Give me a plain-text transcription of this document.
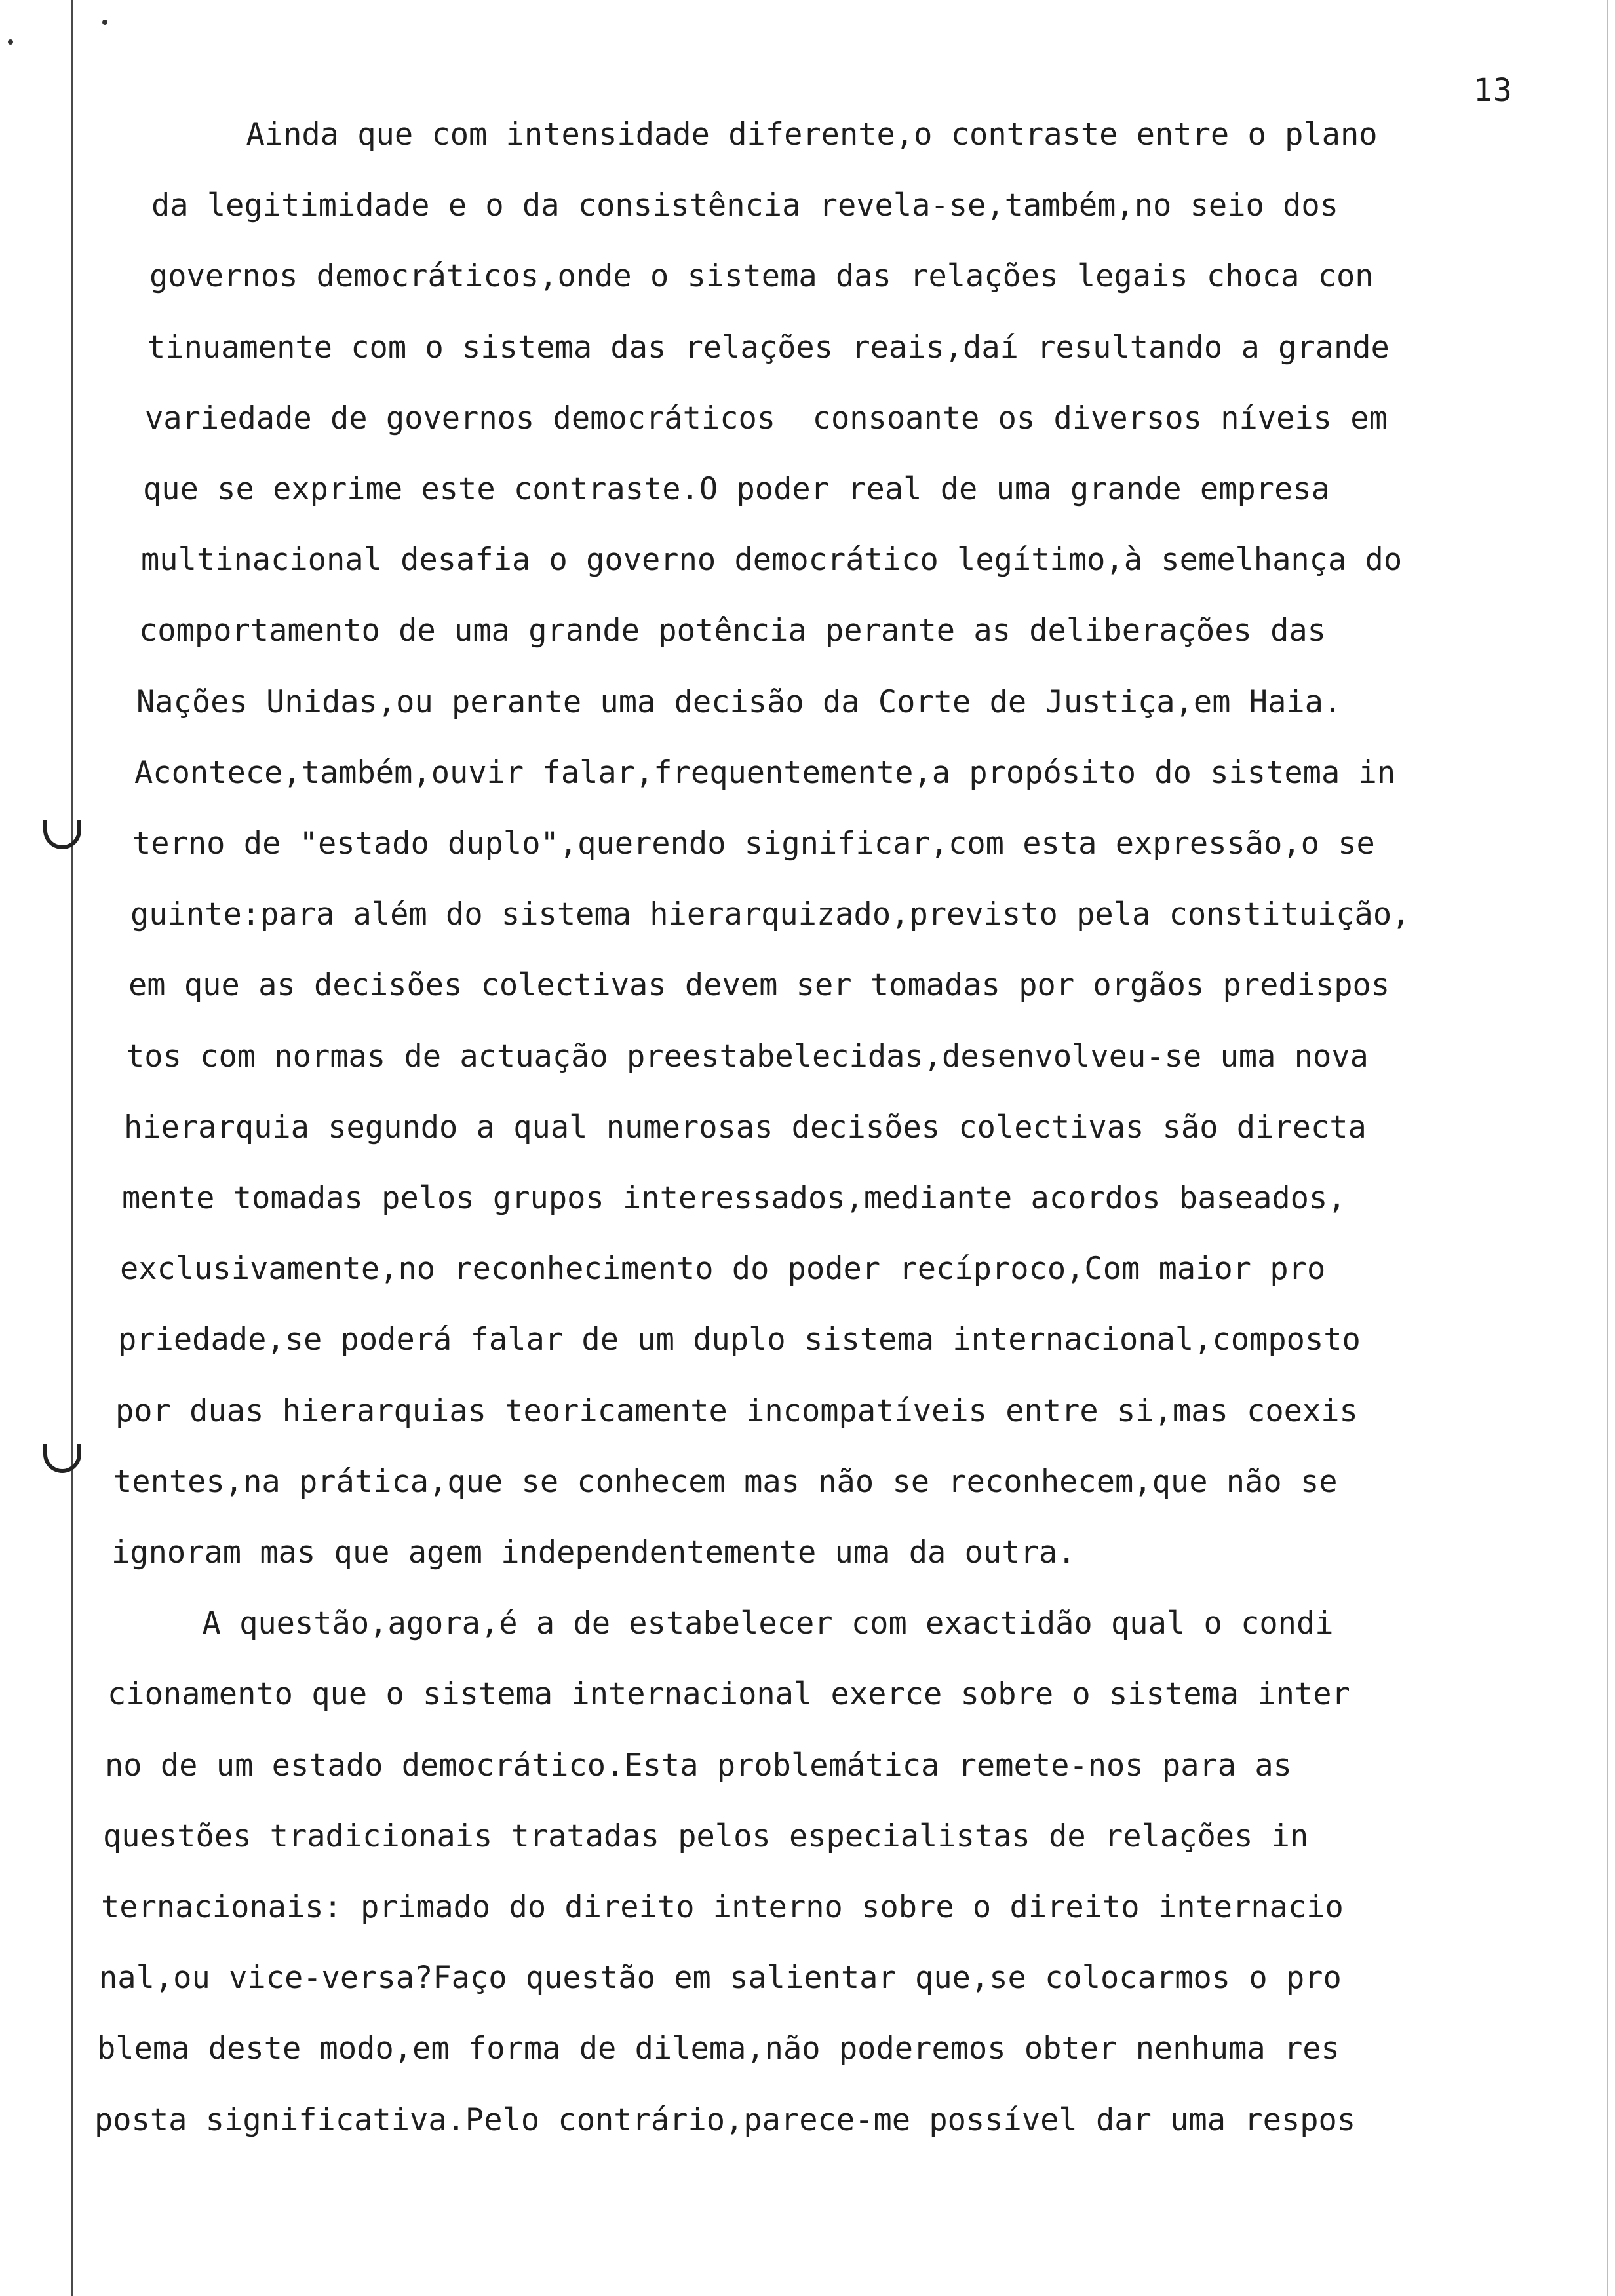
13
Ainda que com intensidade diferente,o contraste entre o plano
da legitimidade e o da consistência revela-se,também,no seio dos
governos democráticos,onde o sistema das relações legais choca con
tinuamente com o sistema das relações reais,daí resultando a grande
variedade de governos democráticos  consoante os diversos níveis em
que se exprime este contraste.O poder real de uma grande empresa
multinacional desafia o governo democrático legítimo,à semelhança do
comportamento de uma grande potência perante as deliberações das
Nações Unidas,ou perante uma decisão da Corte de Justiça,em Haia.
Acontece,também,ouvir falar,frequentemente,a propósito do sistema in
terno de "estado duplo",querendo significar,com esta expressão,o se
guinte:para além do sistema hierarquizado,previsto pela constituição,
em que as decisões colectivas devem ser tomadas por orgãos predispos
tos com normas de actuação preestabelecidas,desenvolveu-se uma nova
hierarquia segundo a qual numerosas decisões colectivas são directa
mente tomadas pelos grupos interessados,mediante acordos baseados,
exclusivamente,no reconhecimento do poder recíproco,Com maior pro
priedade,se poderá falar de um duplo sistema internacional,composto
por duas hierarquias teoricamente incompatíveis entre si,mas coexis
tentes,na prática,que se conhecem mas não se reconhecem,que não se
ignoram mas que agem independentemente uma da outra.
A questão,agora,é a de estabelecer com exactidão qual o condi
cionamento que o sistema internacional exerce sobre o sistema inter
no de um estado democrático.Esta problemática remete-nos para as
questões tradicionais tratadas pelos especialistas de relações in
ternacionais: primado do direito interno sobre o direito internacio
nal,ou vice-versa?Faço questão em salientar que,se colocarmos o pro
blema deste modo,em forma de dilema,não poderemos obter nenhuma res
posta significativa.Pelo contrário,parece-me possível dar uma respos
